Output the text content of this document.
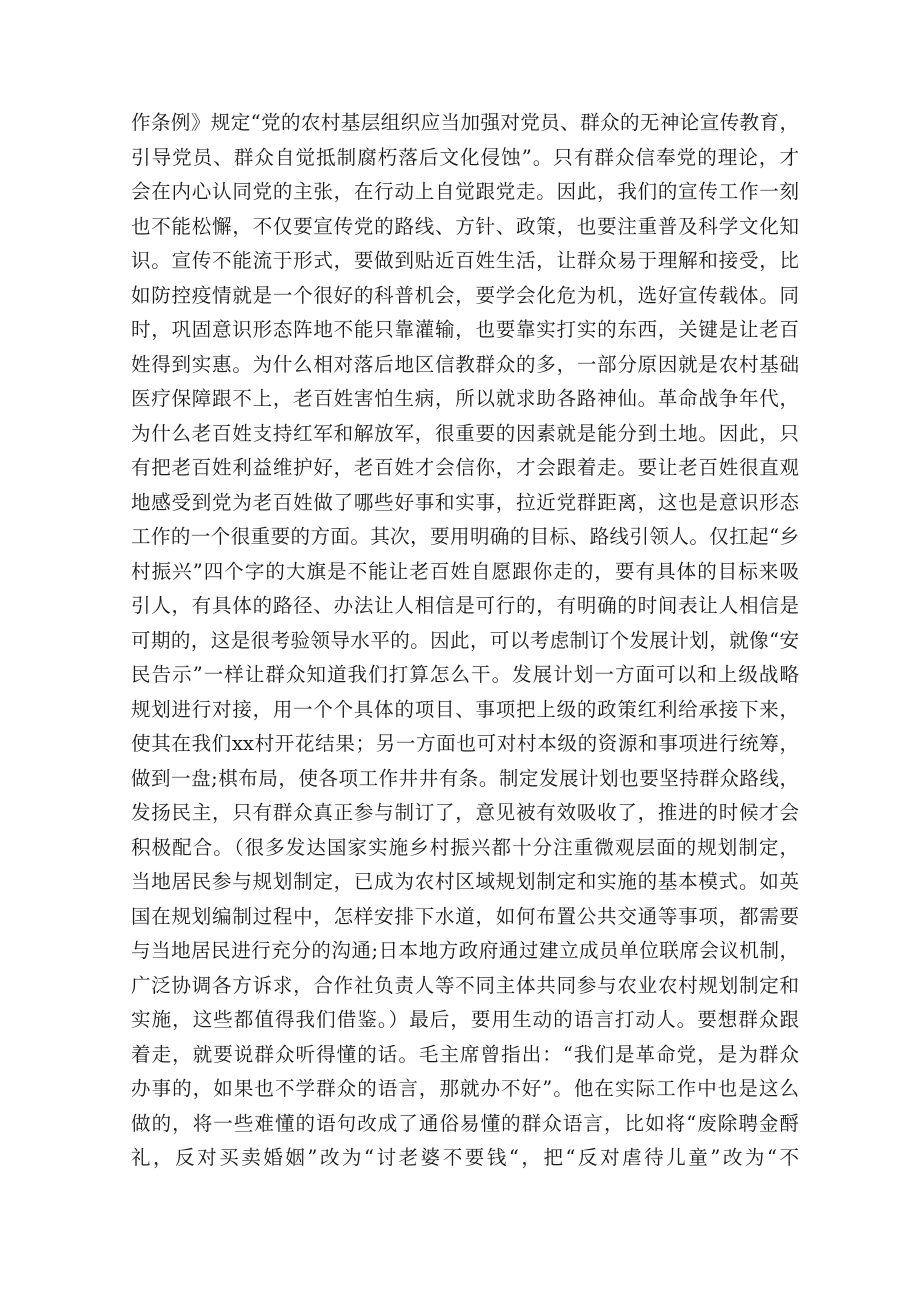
作条例》规定“党的农村基层组织应当加强对党员、群众的无神论宣传教育，
引导党员、群众自觉抵制腐朽落后文化侵蚀”。只有群众信奉党的理论，才
会在内心认同党的主张，在行动上自觉跟党走。因此，我们的宣传工作一刻
也不能松懈，不仅要宣传党的路线、方针、政策，也要注重普及科学文化知
识。宣传不能流于形式，要做到贴近百姓生活，让群众易于理解和接受，比
如防控疫情就是一个很好的科普机会，要学会化危为机，选好宣传载体。同
时，巩固意识形态阵地不能只靠灌输，也要靠实打实的东西，关键是让老百
姓得到实惠。为什么相对落后地区信教群众的多，一部分原因就是农村基础
医疗保障跟不上，老百姓害怕生病，所以就求助各路神仙。革命战争年代，
为什么老百姓支持红军和解放军，很重要的因素就是能分到土地。因此，只
有把老百姓利益维护好，老百姓才会信你，才会跟着走。要让老百姓很直观
地感受到党为老百姓做了哪些好事和实事，拉近党群距离，这也是意识形态
工作的一个很重要的方面。其次，要用明确的目标、路线引领人。仅扛起“乡
村振兴”四个字的大旗是不能让老百姓自愿跟你走的，要有具体的目标来吸
引人，有具体的路径、办法让人相信是可行的，有明确的时间表让人相信是
可期的，这是很考验领导水平的。因此，可以考虑制订个发展计划，就像“安
民告示”一样让群众知道我们打算怎么干。发展计划一方面可以和上级战略
规划进行对接，用一个个具体的项目、事项把上级的政策红利给承接下来，
使其在我们xx村开花结果；另一方面也可对村本级的资源和事项进行统筹，
做到一盘;棋布局，使各项工作井井有条。制定发展计划也要坚持群众路线，
发扬民主，只有群众真正参与制订了，意见被有效吸收了，推进的时候才会
积极配合。（很多发达国家实施乡村振兴都十分注重微观层面的规划制定，
当地居民参与规划制定，已成为农村区域规划制定和实施的基本模式。如英
国在规划编制过程中，怎样安排下水道，如何布置公共交通等事项，都需要
与当地居民进行充分的沟通;日本地方政府通过建立成员单位联席会议机制，
广泛协调各方诉求，合作社负责人等不同主体共同参与农业农村规划制定和
实施，这些都值得我们借鉴。）最后，要用生动的语言打动人。要想群众跟
着走，就要说群众听得懂的话。毛主席曾指出：“我们是革命党，是为群众
办事的，如果也不学群众的语言，那就办不好”。他在实际工作中也是这么
做的，将一些难懂的语句改成了通俗易懂的群众语言，比如将“废除聘金酹
礼，反对买卖婚姻”改为“讨老婆不要钱“，把“反对虐待儿童”改为“不
